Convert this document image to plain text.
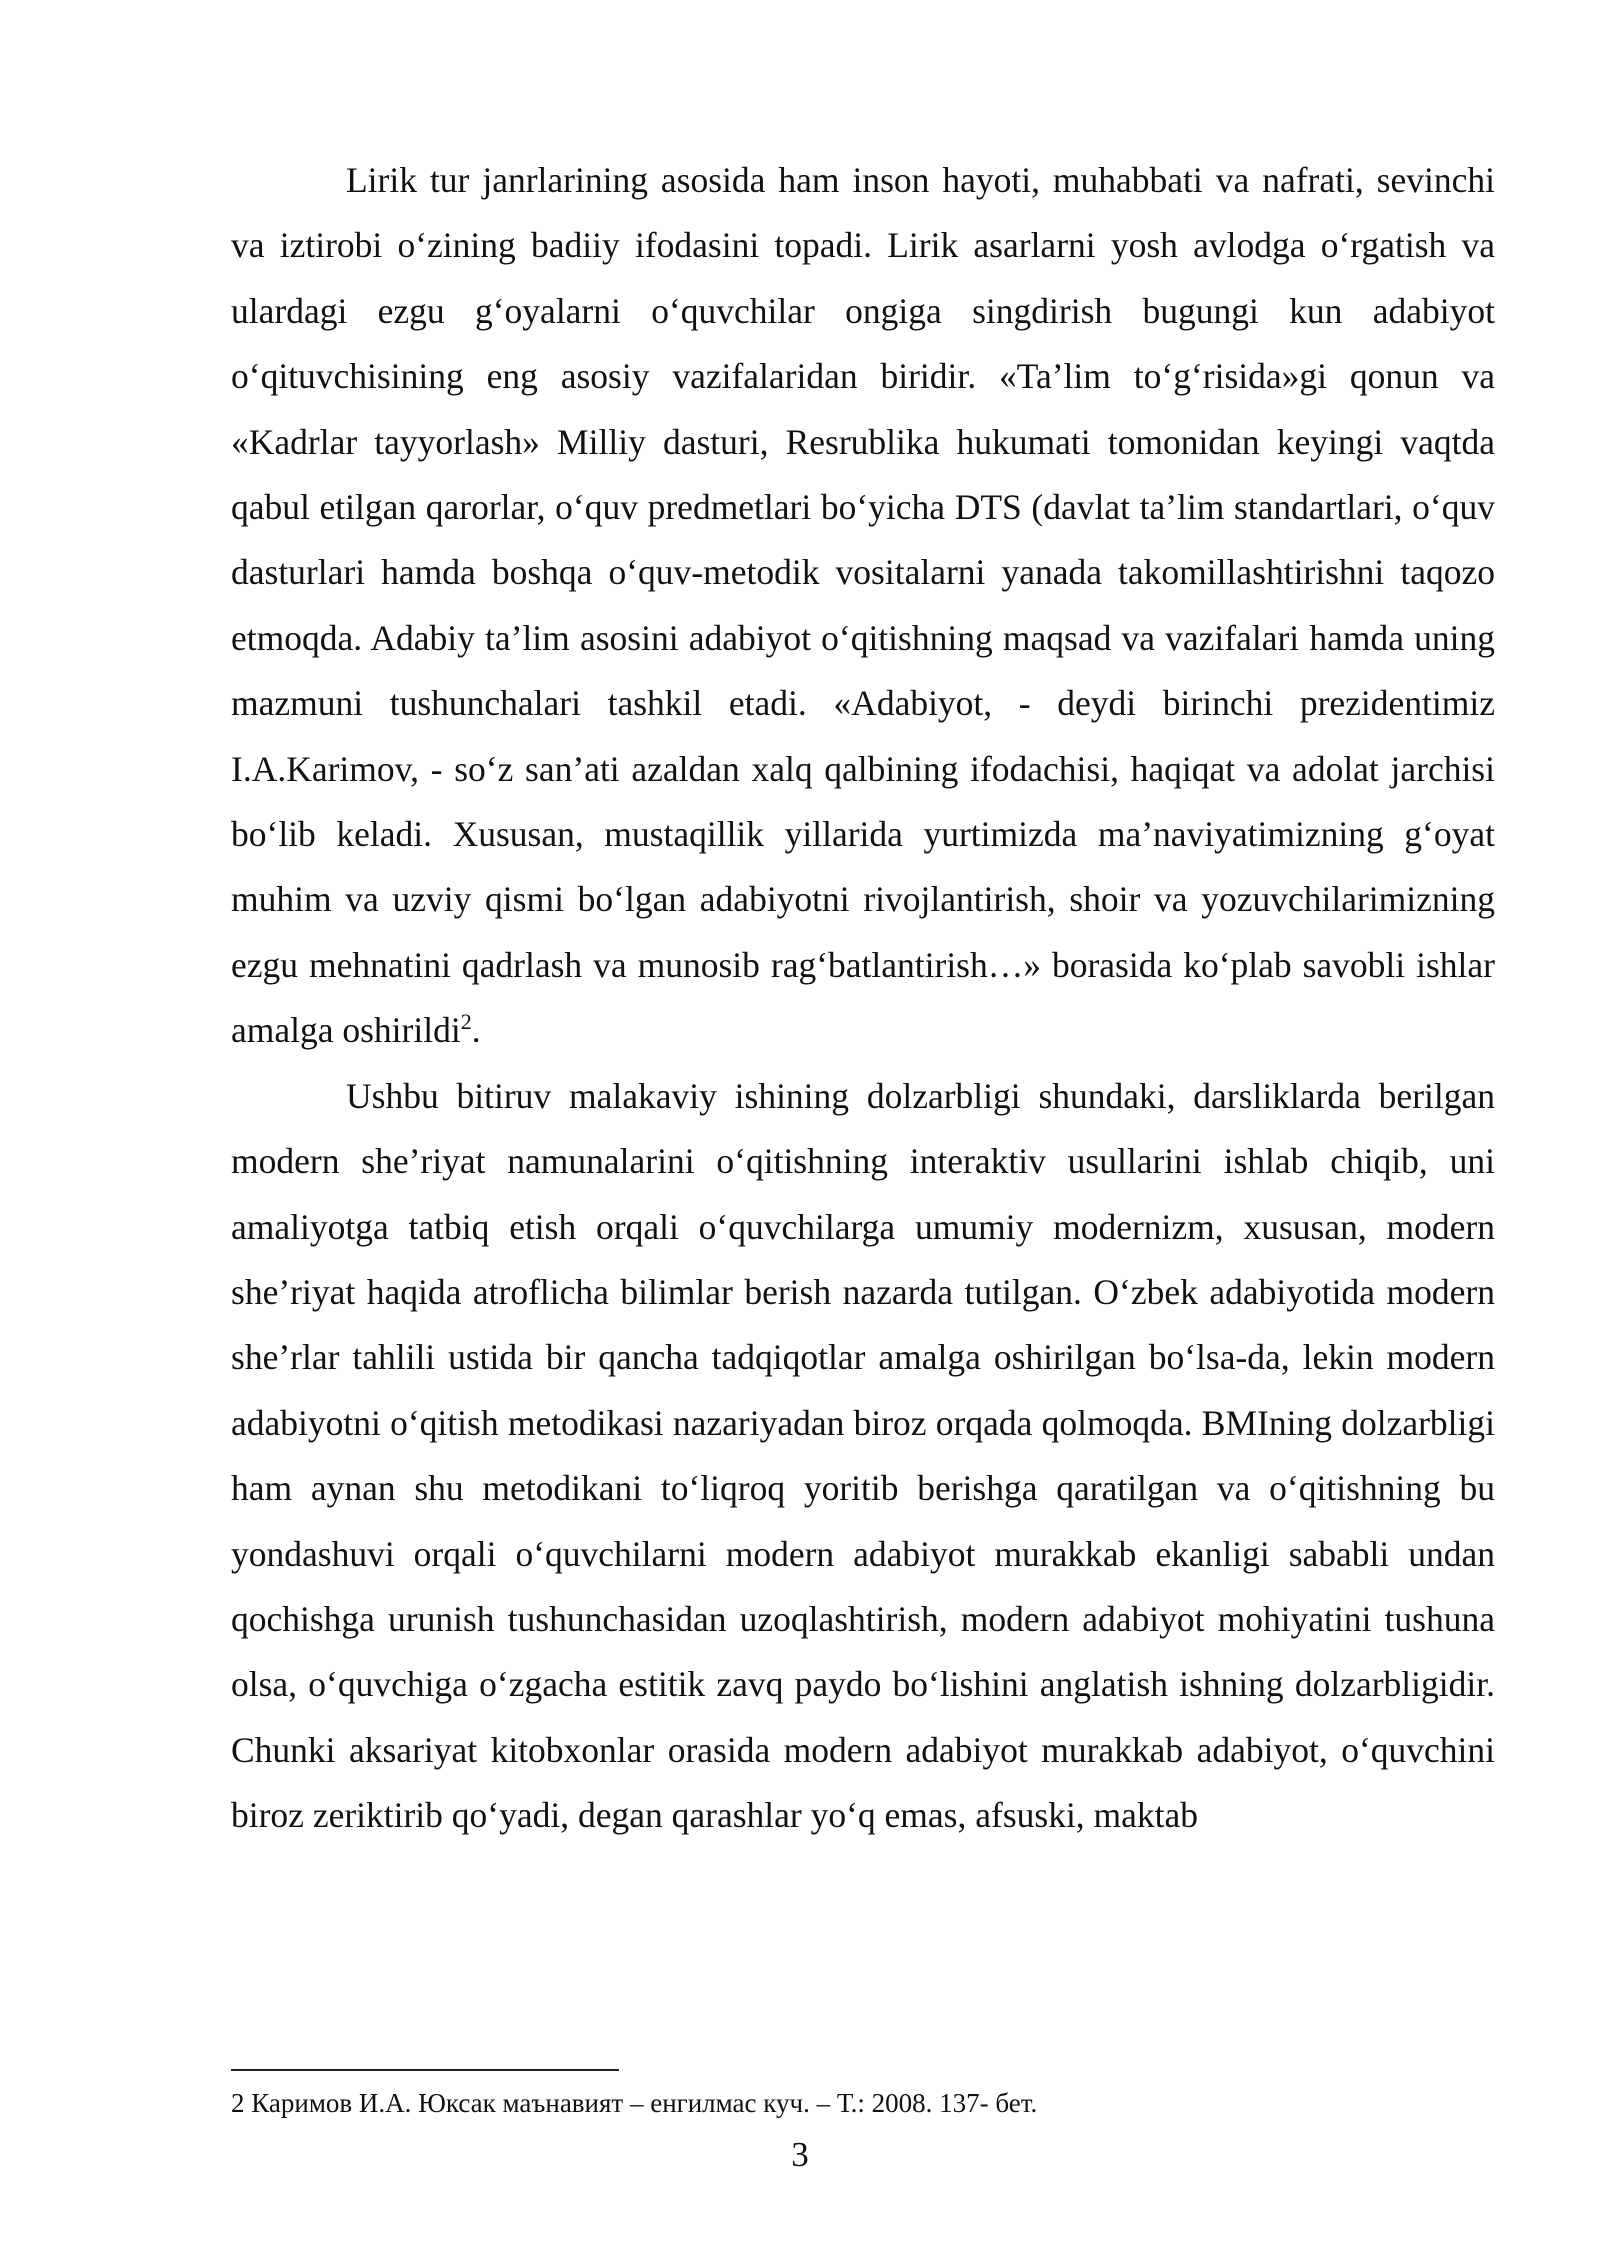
Lirik tur janrlarining asosida ham inson hayoti, muhabbati va nafrati, sevinchi va iztirobi o‘zining badiiy ifodasini topadi. Lirik asarlarni yosh avlodga o‘rgatish va ulardagi ezgu g‘oyalarni o‘quvchilar ongiga singdirish bugungi kun adabiyot o‘qituvchisining eng asosiy vazifalaridan biridir. «Ta’lim to‘g‘risida»gi qonun va «Kadrlar tayyorlash» Milliy dasturi, Resrublika hukumati tomonidan keyingi vaqtda qabul etilgan qarorlar, o‘quv predmetlari bo‘yicha DTS (davlat ta’lim standartlari, o‘quv dasturlari hamda boshqa o‘quv-metodik vositalarni yanada takomillashtirishni taqozo etmoqda. Adabiy ta’lim asosini adabiyot o‘qitishning maqsad va vazifalari hamda uning mazmuni tushunchalari tashkil etadi. «Adabiyot, - deydi birinchi prezidentimiz I.A.Karimov, - so‘z san’ati azaldan xalq qalbining ifodachisi, haqiqat va adolat jarchisi bo‘lib keladi. Xususan, mustaqillik yillarida yurtimizda ma’naviyatimizning g‘oyat muhim va uzviy qismi bo‘lgan adabiyotni rivojlantirish, shoir va yozuvchilarimizning ezgu mehnatini qadrlash va munosib rag‘batlantirish…» borasida ko‘plab savobli ishlar amalga oshirildi$^2$.

Ushbu bitiruv malakaviy ishining dolzarbligi shundaki, darsliklarda berilgan modern she’riyat namunalarini o‘qitishning interaktiv usullarini ishlab chiqib, uni amaliyotga tatbiq etish orqali o‘quvchilarga umumiy modernizm, xususan, modern she’riyat haqida atroflicha bilimlar berish nazarda tutilgan. O‘zbek adabiyotida modern she’rlar tahlili ustida bir qancha tadqiqotlar amalga oshirilgan bo‘lsa-da, lekin modern adabiyotni o‘qitish metodikasi nazariyadan biroz orqada qolmoqda. BMIning dolzarbligi ham aynan shu metodikani to‘liqroq yoritib berishga qaratilgan va o‘qitishning bu yondashuvi orqali o‘quvchilarni modern adabiyot murakkab ekanligi sababli undan qochishga urunish tushunchasidan uzoqlashtirish, modern adabiyot mohiyatini tushuna olsa, o‘quvchiga o‘zgacha estitik zavq paydo bo‘lishini anglatish ishning dolzarbligidir. Chunki aksariyat kitobxonlar orasida modern adabiyot murakkab adabiyot, o‘quvchini biroz zeriktirib qo‘yadi, degan qarashlar yo‘q emas, afsuski, maktab

2 Каримов И.А. Юксак маънавият – енгилмас куч. – Т.: 2008. 137- бет.
3
